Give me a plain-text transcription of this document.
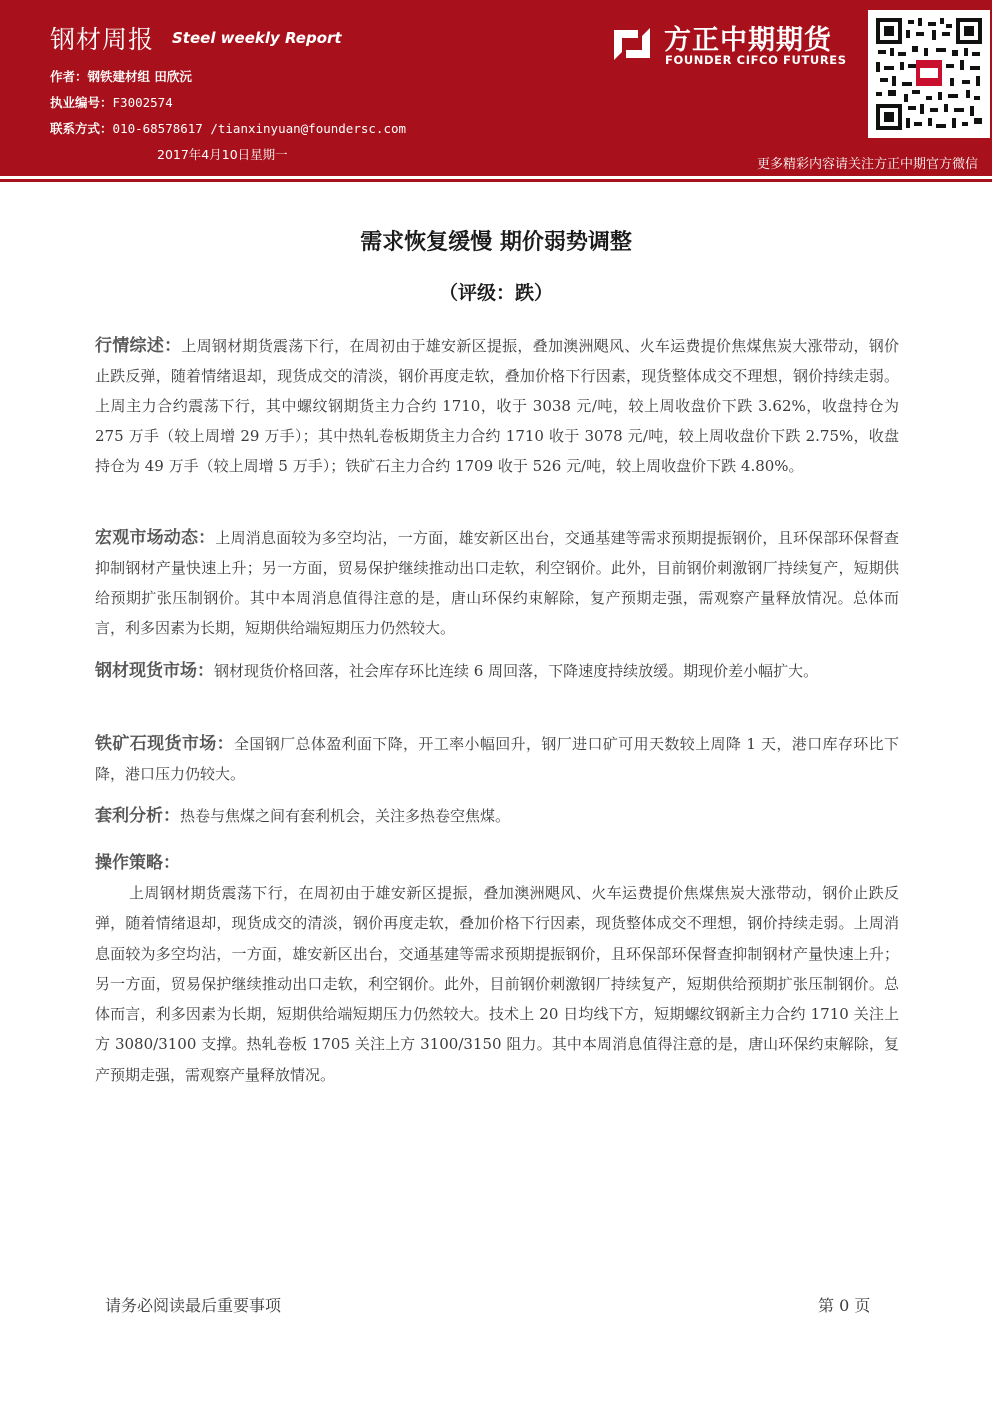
钢材周报 Steel weekly Report
作者：钢铁建材组 田欣沅
执业编号：F3002574
联系方式：010-68578617 /tianxinyuan@foundersc.com
2017年4月10日星期一
方正中期期货
FOUNDER CIFCO FUTURES
更多精彩内容请关注方正中期官方微信
需求恢复缓慢 期价弱势调整
（评级：跌）
行情综述：上周钢材期货震荡下行，在周初由于雄安新区提振，叠加澳洲飓风、火车运费提价焦煤焦炭大涨带动，钢价止跌反弹，随着情绪退却，现货成交的清淡，钢价再度走软，叠加价格下行因素，现货整体成交不理想，钢价持续走弱。上周主力合约震荡下行，其中螺纹钢期货主力合约 1710，收于 3038 元/吨，较上周收盘价下跌 3.62%，收盘持仓为 275 万手（较上周增 29 万手）；其中热轧卷板期货主力合约 1710 收于 3078 元/吨，较上周收盘价下跌 2.75%，收盘持仓为 49 万手（较上周增 5 万手）；铁矿石主力合约 1709 收于 526 元/吨，较上周收盘价下跌 4.80%。
宏观市场动态：上周消息面较为多空均沾，一方面，雄安新区出台，交通基建等需求预期提振钢价，且环保部环保督查抑制钢材产量快速上升；另一方面，贸易保护继续推动出口走软，利空钢价。此外，目前钢价刺激钢厂持续复产，短期供给预期扩张压制钢价。其中本周消息值得注意的是，唐山环保约束解除，复产预期走强，需观察产量释放情况。总体而言，利多因素为长期，短期供给端短期压力仍然较大。
钢材现货市场：钢材现货价格回落，社会库存环比连续 6 周回落，下降速度持续放缓。期现价差小幅扩大。
铁矿石现货市场：全国钢厂总体盈利面下降，开工率小幅回升，钢厂进口矿可用天数较上周降 1 天，港口库存环比下降，港口压力仍较大。
套利分析：热卷与焦煤之间有套利机会，关注多热卷空焦煤。
操作策略：
上周钢材期货震荡下行，在周初由于雄安新区提振，叠加澳洲飓风、火车运费提价焦煤焦炭大涨带动，钢价止跌反弹，随着情绪退却，现货成交的清淡，钢价再度走软，叠加价格下行因素，现货整体成交不理想，钢价持续走弱。上周消息面较为多空均沾，一方面，雄安新区出台，交通基建等需求预期提振钢价，且环保部环保督查抑制钢材产量快速上升；另一方面，贸易保护继续推动出口走软，利空钢价。此外，目前钢价刺激钢厂持续复产，短期供给预期扩张压制钢价。总体而言，利多因素为长期，短期供给端短期压力仍然较大。技术上 20 日均线下方，短期螺纹钢新主力合约 1710 关注上方 3080/3100 支撑。热轧卷板 1705 关注上方 3100/3150 阻力。其中本周消息值得注意的是，唐山环保约束解除，复产预期走强，需观察产量释放情况。
请务必阅读最后重要事项	第 0 页
